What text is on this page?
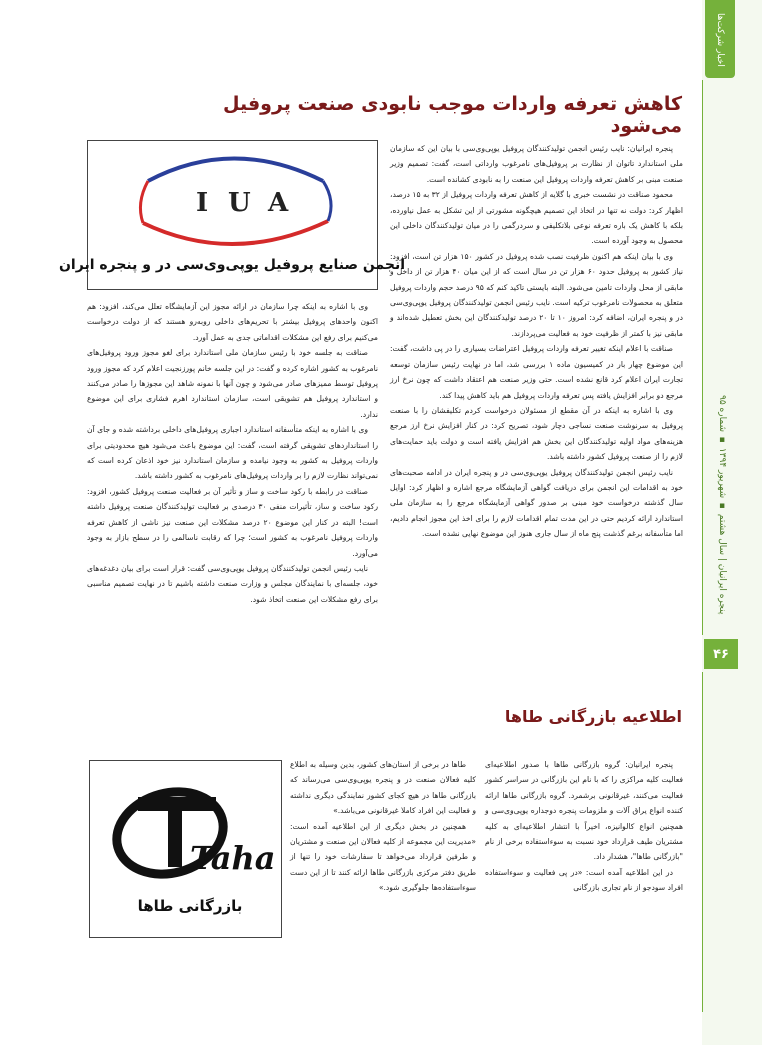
اخبار شرکت‌ها
پنجره ایرانیان | سال هشتم ▪ شهریور ۱۳۹۴ ▪ شماره ۹۵
۴۶
کاهش تعرفه واردات موجب نابودی صنعت پروفیل می‌شود
I U A
انجمن صنایع پروفیل یو‌پی‌وی‌سی در و پنجره ایران

پنجره ایرانیان: نایب رئیس انجمن تولیدکنندگان پروفیل یوپی‌وی‌سی با بیان این که سازمان ملی استاندارد تاتوان از نظارت بر پروفیل‌های نامرغوب وارداتی است، گفت: تصمیم وزیر صنعت مبنی بر کاهش تعرفه واردات پروفیل این صنعت را به نابودی کشانده است.

محمود صناقت در نشست خبری با گلایه از کاهش تعرفه واردات پروفیل از ۳۲ به ۱۵ درصد، اظهار کرد: دولت نه تنها در اتخاذ این تصمیم هیچگونه مشورتی از این تشکل به عمل نیاورده، بلکه با کاهش یک باره تعرفه نوعی بلاتکلیفی و سردرگمی را در میان تولیدکنندگان داخلی این محصول به وجود آورده است.

وی با بیان اینکه هم اکنون ظرفیت نصب شده پروفیل در کشور ۱۵۰ هزار تن است، افزود: نیاز کشور به پروفیل حدود ۶۰ هزار تن در سال است که از این میان ۴۰ هزار تن از داخل و مابقی از محل واردات تامین می‌شود. البته بایستی تاکید کنم که ۹۵ درصد حجم واردات پروفیل متعلق به محصولات نامرغوب ترکیه است. نایب رئیس انجمن تولیدکنندگان پروفیل یوپی‌وی‌سی در و پنجره ایران، اضافه کرد: امروز ۱۰ تا ۲۰ درصد تولیدکنندگان این بخش تعطیل شده‌اند و مابقی نیز با کمتر از ظرفیت خود به فعالیت می‌پردازند.

صناقت با اعلام اینکه تغییر تعرفه واردات پروفیل اعتراضات بسیاری را در پی داشت، گفت: این موضوع چهار بار در کمیسیون ماده ۱ بررسی شد، اما در نهایت رئیس سازمان توسعه تجارت ایران اعلام کرد قانع نشده است. حتی وزیر صنعت هم اعتقاد داشت که چون نرخ ارز مرجع دو برابر افزایش یافته پس تعرفه واردات پروفیل هم باید کاهش پیدا کند.

وی با اشاره به اینکه در آن مقطع از مسئولان درخواست کردم تکلیفشان را با صنعت پروفیل به سرنوشت صنعت نساجی دچار شود، تصریح کرد: در کنار افزایش نرخ ارز مرجع هزینه‌های مواد اولیه تولیدکنندگان این بخش هم افزایش یافته است و دولت باید حمایت‌های لازم را از صنعت پروفیل کشور داشته باشد.

نایب رئیس انجمن تولیدکنندگان پروفیل یوپی‌وی‌سی در و پنجره ایران در ادامه صحبت‌های خود به اقدامات این انجمن برای دریافت گواهی آزمایشگاه مرجع اشاره و اظهار کرد: اوایل سال گذشته درخواست خود مبنی بر صدور گواهی آزمایشگاه مرجع را به سازمان ملی استاندارد ارائه کردیم حتی در این مدت تمام اقدامات لازم را برای اخذ این مجوز انجام دادیم، اما متأسفانه برغم گذشت پنج ماه از سال جاری هنوز این موضوع نهایی نشده است.

وی با اشاره به اینکه چرا سازمان در ارائه مجوز این آزمایشگاه تعلل می‌کند، افزود: هم اکنون واحدهای پروفیل بیشتر با تحریم‌های داخلی روبه‌رو هستند که از دولت درخواست می‌کنیم برای رفع این مشکلات اقداماتی جدی به عمل آورد.

صناقت به جلسه خود با رئیس سازمان ملی استاندارد برای لغو مجوز ورود پروفیل‌های نامرغوب به کشور اشاره کرده و گفت: در این جلسه خانم پورزنجیت اعلام کرد که مجوز ورود پروفیل توسط ممیزهای صادر می‌شود و چون آنها با نمونه شاهد این مجوزها را صادر می‌کنند و استاندارد پروفیل هم تشویقی است، سازمان استاندارد اهرم فشاری برای این موضوع ندارد.

وی با اشاره به اینکه متأسفانه استاندارد اجباری پروفیل‌های داخلی برداشته شده و جای آن را استانداردهای تشویقی گرفته است، گفت: این موضوع باعث می‌شود هیچ محدودیتی برای واردات پروفیل به کشور به وجود نیامده و سازمان استاندارد نیز خود اذعان کرده است که نمی‌تواند نظارت لازم را بر واردات پروفیل‌های نامرغوب به کشور داشته باشد.

صناقت در رابطه با رکود ساخت و ساز و تأثیر آن بر فعالیت صنعت پروفیل کشور، افزود: رکود ساخت و ساز، تأثیرات منفی ۳۰ درصدی بر فعالیت تولیدکنندگان صنعت پروفیل داشته است! البته در کنار این موضوع ۲۰ درصد مشکلات این صنعت نیز ناشی از کاهش تعرفه واردات پروفیل نامرغوب به کشور است؛ چرا که رقابت ناسالمی را در سطح بازار به وجود می‌آورد.

نایب رئیس انجمن تولیدکنندگان پروفیل یوپی‌وی‌سی گفت: قرار است برای بیان دغدغه‌های خود، جلسه‌ای با نمایندگان مجلس و وزارت صنعت داشته باشیم تا در نهایت تصمیم مناسبی برای رفع مشکلات این صنعت اتخاذ شود.

اطلاعیه بازرگانی طاها
Taha
بازرگانی طاها

پنجره ایرانیان: گروه بازرگانی طاها با صدور اطلاعیه‌ای فعالیت کلیه مراکزی را که با نام این بازرگانی در سراسر کشور فعالیت می‌کنند، غیرقانونی برشمرد. گروه بازرگانی طاها ارائه کننده انواع یراق آلات و ملزومات پنجره دوجداره یوپی‌وی‌سی و همچنین انواع کالوانیزه، اخیراً با انتشار اطلاعیه‌ای به کلیه مشتریان طیف قرارداد خود نسبت به سوءاستفاده برخی از نام "بازرگانی طاها"، هشدار داد.

در این اطلاعیه آمده است: «در پی فعالیت و سوءاستفاده افراد سودجو از نام تجاری بازرگانی

طاها در برخی از استان‌های کشور، بدین وسیله به اطلاع کلیه فعالان صنعت در و پنجره یوپی‌وی‌سی می‌رساند که بازرگانی طاها در هیچ کجای کشور نمایندگی دیگری نداشته و فعالیت این افراد کاملا غیرقانونی می‌باشد.»

همچنین در بخش دیگری از این اطلاعیه آمده است: «مدیریت این مجموعه از کلیه فعالان این صنعت و مشتریان و طرفین قرارداد می‌خواهد تا سفارشات خود را تنها از طریق دفتر مرکزی بازرگانی طاها ارائه کنند تا از این دست سوءاستفاده‌ها جلوگیری شود.»
